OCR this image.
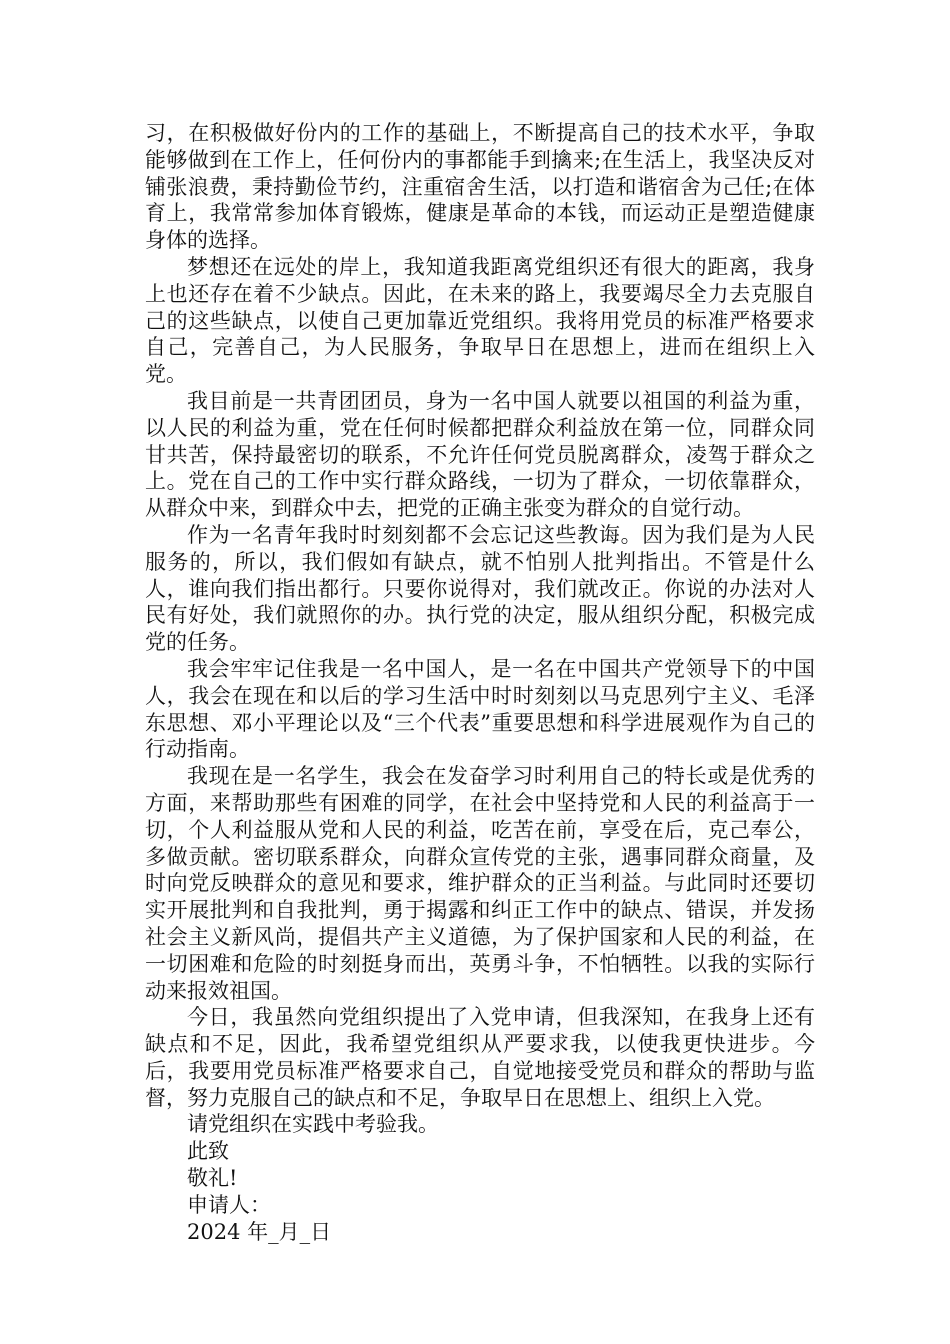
习，在积极做好份内的工作的基础上，不断提高自己的技术水平，争取能够做到在工作上，任何份内的事都能手到擒来;在生活上，我坚决反对铺张浪费，秉持勤俭节约，注重宿舍生活，以打造和谐宿舍为己任;在体育上，我常常参加体育锻炼，健康是革命的本钱，而运动正是塑造健康身体的选择。

梦想还在远处的岸上，我知道我距离党组织还有很大的距离，我身上也还存在着不少缺点。因此，在未来的路上，我要竭尽全力去克服自己的这些缺点，以使自己更加靠近党组织。我将用党员的标准严格要求自己，完善自己，为人民服务，争取早日在思想上，进而在组织上入党。

我目前是一共青团团员，身为一名中国人就要以祖国的利益为重，以人民的利益为重，党在任何时候都把群众利益放在第一位，同群众同甘共苦，保持最密切的联系，不允许任何党员脱离群众，凌驾于群众之上。党在自己的工作中实行群众路线，一切为了群众，一切依靠群众，从群众中来，到群众中去，把党的正确主张变为群众的自觉行动。

作为一名青年我时时刻刻都不会忘记这些教诲。因为我们是为人民服务的，所以，我们假如有缺点，就不怕别人批判指出。不管是什么人，谁向我们指出都行。只要你说得对，我们就改正。你说的办法对人民有好处，我们就照你的办。执行党的决定，服从组织分配，积极完成党的任务。

我会牢牢记住我是一名中国人，是一名在中国共产党领导下的中国人，我会在现在和以后的学习生活中时时刻刻以马克思列宁主义、毛泽东思想、邓小平理论以及“三个代表”重要思想和科学进展观作为自己的行动指南。

我现在是一名学生，我会在发奋学习时利用自己的特长或是优秀的方面，来帮助那些有困难的同学，在社会中坚持党和人民的利益高于一切，个人利益服从党和人民的利益，吃苦在前，享受在后，克己奉公，多做贡献。密切联系群众，向群众宣传党的主张，遇事同群众商量，及时向党反映群众的意见和要求，维护群众的正当利益。与此同时还要切实开展批判和自我批判，勇于揭露和纠正工作中的缺点、错误，并发扬社会主义新风尚，提倡共产主义道德，为了保护国家和人民的利益，在一切困难和危险的时刻挺身而出，英勇斗争，不怕牺牲。以我的实际行动来报效祖国。

今日，我虽然向党组织提出了入党申请，但我深知，在我身上还有缺点和不足，因此，我希望党组织从严要求我，以使我更快进步。今后，我要用党员标准严格要求自己，自觉地接受党员和群众的帮助与监督，努力克服自己的缺点和不足，争取早日在思想上、组织上入党。

请党组织在实践中考验我。
此致
敬礼!
申请人：
2024 年_月_日
